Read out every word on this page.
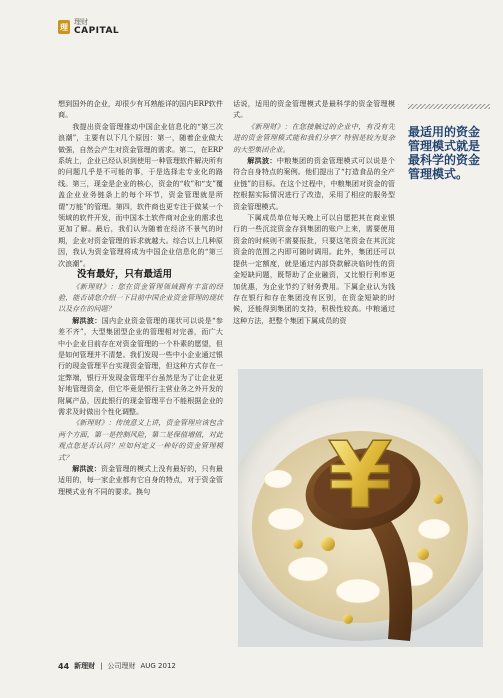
理
理财
CAPITAL

想到国外的企业，却很少有耳熟能详的国内ERP软件商。

我提出资金管理推动中国企业信息化的“第三次浪潮”，主要有以下几个原因：第一，随着企业做大做强，自然会产生对资金管理的需求。第二，在ERP系统上，企业已经认识到使用一种管理软件解决所有的问题几乎是不可能的事，于是选择走专业化的路线。第三，现金是企业的核心，资金的“收”和“支”覆盖企业业务链条上的每个环节，资金管理就是所谓“万能”的管理。第四，软件商也更专注于做某一个领域的软件开发，而中国本土软件商对企业的需求也更加了解。最后，我们认为随着在经济不景气的时期，企业对资金管理的诉求就越大。综合以上几种原因，我认为资金管理将成为中国企业信息化的“第三次浪潮”。

没有最好，只有最适用

《新理财》：您在资金管理领域拥有丰富的经验，能否请您介绍一下目前中国企业资金管理的现状以及存在的问题？

解洪波：国内企业资金管理的现状可以说是“参差不齐”，大型集团型企业的管理相对完善，而广大中小企业目前存在对资金管理的一个朴素的愿望，但是如何管理并不清楚。我们发现一些中小企业通过银行的现金管理平台实现资金管理，但这种方式存在一定弊端，银行开发现金管理平台虽然是为了让企业更好地管理资金，但它毕竟是银行主营业务之外开发的附属产品，因此银行的现金管理平台不能根据企业的需求及时做出个性化调整。

《新理财》：传统意义上讲，资金管理应该包含两个方面，第一是控制风险，第二是保值增值，对此观点您是否认同？应如何定义一种好的资金管理模式？

解洪波：资金管理的模式上没有最好的，只有最适用的，每一家企业都有它自身的特点，对于资金管理模式业有不同的要求。换句

话说，适用的资金管理模式是最科学的资金管理模式。

《新理财》：在您接触过的企业中，有没有先进的资金管理模式能和我们分享？特别是较为复杂的大型集团企业。

解洪波：中粮集团的资金管理模式可以说是个符合自身特点的案例。他们提出了“打造食品的全产业链”的目标。在这个过程中，中粮集团对资金的管控根据实际情况进行了改造，采用了相应的服务型资金管理模式。

下属成员单位每天晚上可以自愿把其在商业银行的一些沉淀资金存到集团的账户上来，需要使用资金的时候则不需要报批，只要这笔资金在其沉淀资金的范围之内即可随时调用。此外，集团还可以提供一定额度，就是通过内部贷款解决临时性的资金短缺问题，既帮助了企业融资，又比银行利率更加优惠，为企业节约了财务费用。下属企业认为钱存在银行和存在集团没有区别，在资金短缺的时候，还能得到集团的支持，积极性较高。中粮通过这种方法，把整个集团下属成员的资

最适用的资金管理模式就是最科学的资金管理模式。
¥
44 新理财 | 公司理财 AUG 2012
